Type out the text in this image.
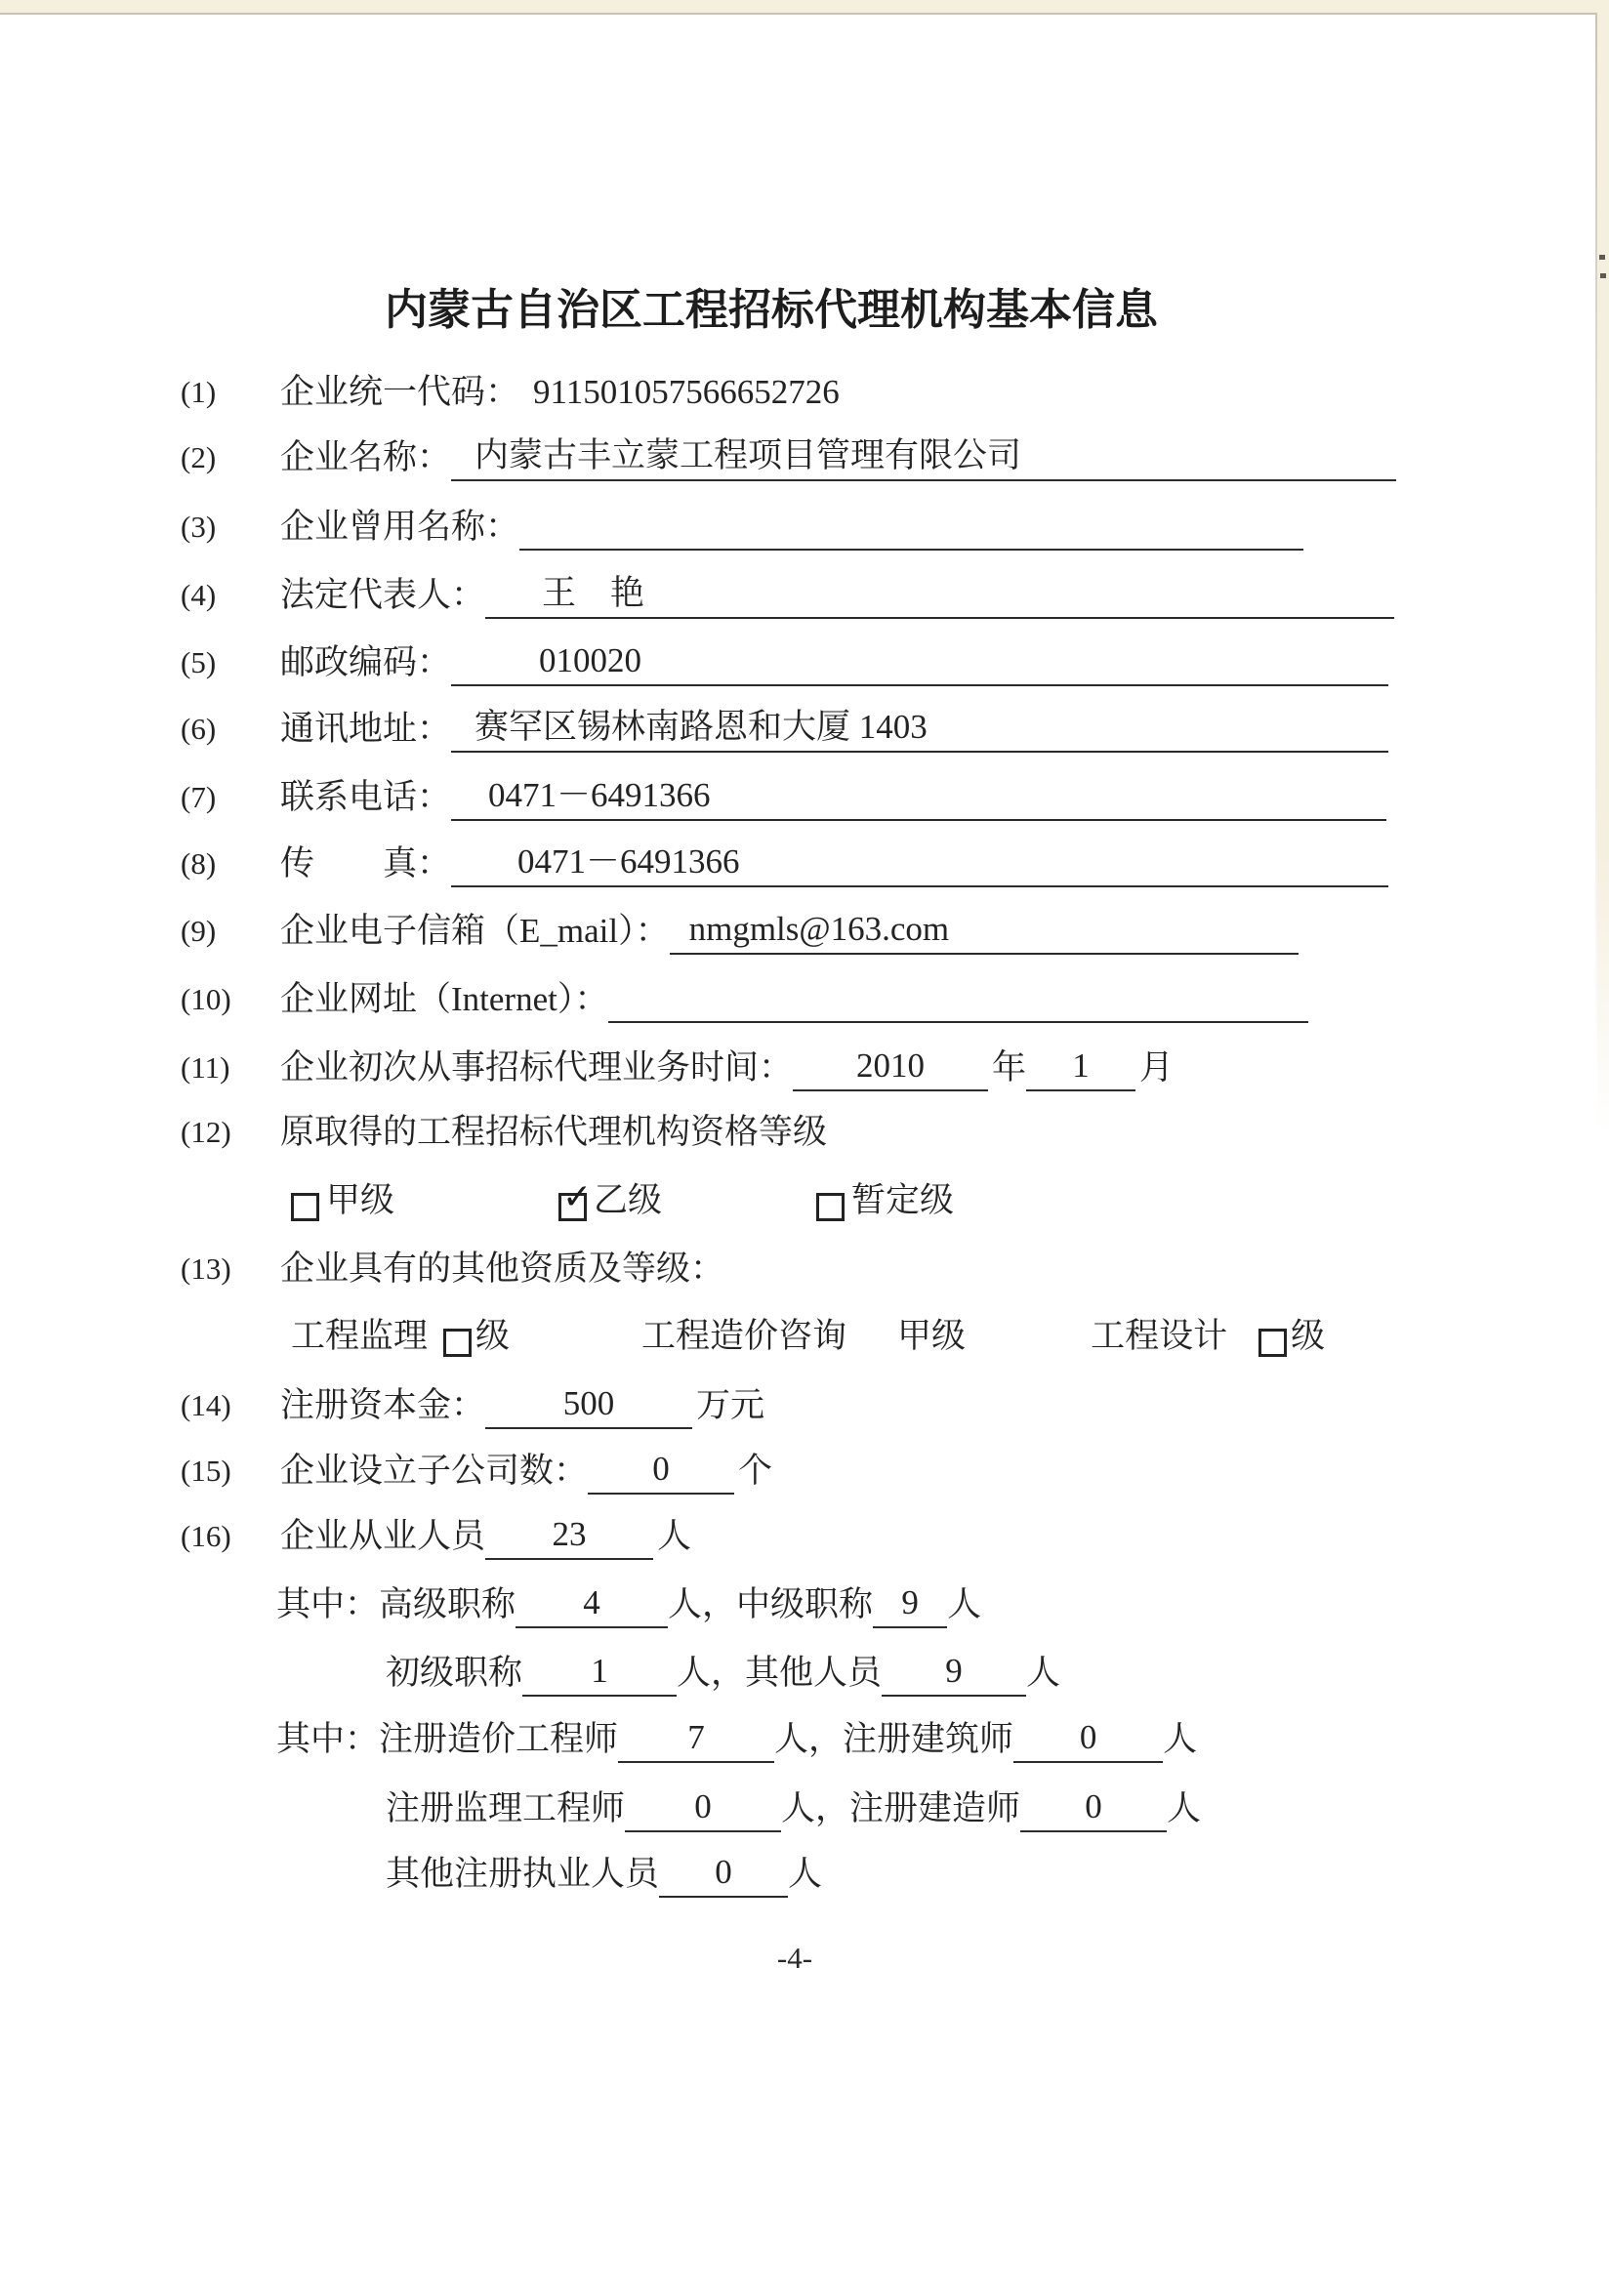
内蒙古自治区工程招标代理机构基本信息
(1)	企业统一代码： 911501057566652726
(2)	企业名称： 内蒙古丰立蒙工程项目管理有限公司
(3)	企业曾用名称：
(4)	法定代表人： 王　艳
(5)	邮政编码：	010020
(6)	通讯地址： 赛罕区锡林南路恩和大厦 1403
(7)	联系电话： 0471－6491366
(8)	传　　真： 0471－6491366
(9)	企业电子信箱（E_mail）： nmgmls@163.com
(10)	企业网址（Internet）：
(11)	企业初次从事招标代理业务时间： 2010 年 1 月
(12)	原取得的工程招标代理机构资格等级
甲级	✓ 乙级	暂定级
(13)	企业具有的其他资质及等级：
工程监理 级	工程造价咨询 甲级	工程设计 级
(14)	注册资本金： 500 万元
(15)	企业设立子公司数： 0 个
(16)	企业从业人员 23 人
其中： 高级职称 4 人， 中级职称 9 人
初级职称 1 人， 其他人员 9 人
其中： 注册造价工程师 7 人， 注册建筑师 0 人
注册监理工程师 0 人， 注册建造师 0 人
其他注册执业人员 0 人
-4-
